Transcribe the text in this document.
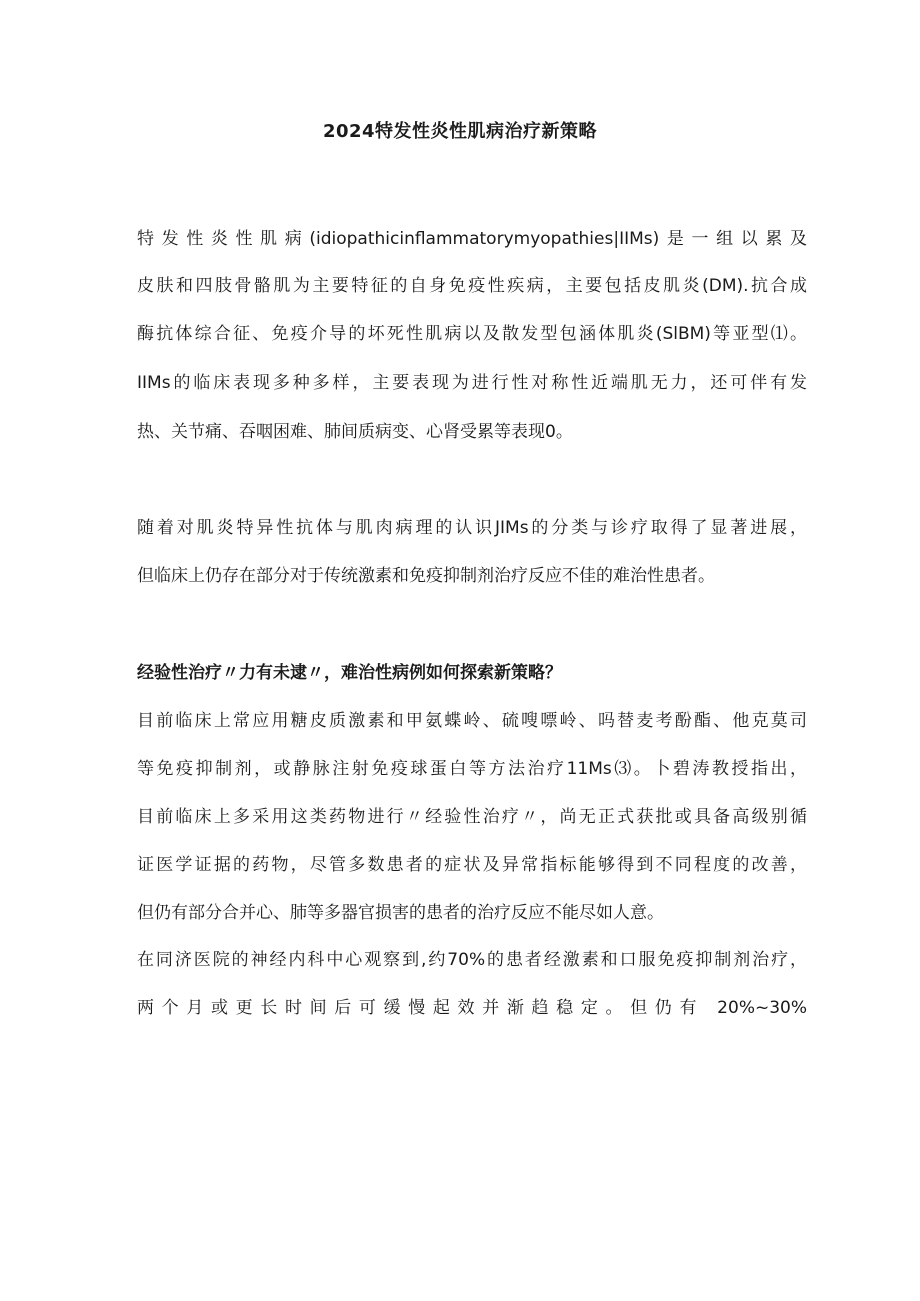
2024特发性炎性肌病治疗新策略
特发性炎性肌病(idiopathicinflammatorymyopathies|IIMs)是一组以累及
皮肤和四肢骨骼肌为主要特征的自身免疫性疾病，主要包括皮肌炎(DM).抗合成
酶抗体综合征、免疫介导的坏死性肌病以及散发型包涵体肌炎(SlBM)等亚型⑴。
IIMs的临床表现多种多样，主要表现为进行性对称性近端肌无力，还可伴有发
热、关节痛、吞咽困难、肺间质病变、心肾受累等表现0。
随着对肌炎特异性抗体与肌肉病理的认识JIMs的分类与诊疗取得了显著进展，
但临床上仍存在部分对于传统激素和免疫抑制剂治疗反应不佳的难治性患者。
经验性治疗〃力有未逮〃，难治性病例如何探索新策略？
目前临床上常应用糖皮质激素和甲氨蝶岭、硫嗖嘌岭、吗替麦考酚酯、他克莫司
等免疫抑制剂，或静脉注射免疫球蛋白等方法治疗11Ms⑶。卜碧涛教授指出，
目前临床上多采用这类药物进行〃经验性治疗〃，尚无正式获批或具备高级别循
证医学证据的药物，尽管多数患者的症状及异常指标能够得到不同程度的改善，
但仍有部分合并心、肺等多器官损害的患者的治疗反应不能尽如人意。
在同济医院的神经内科中心观察到,约70%的患者经激素和口服免疫抑制剂治疗，
两个月或更长时间后可缓慢起效并渐趋稳定。但仍有 20%~30%
